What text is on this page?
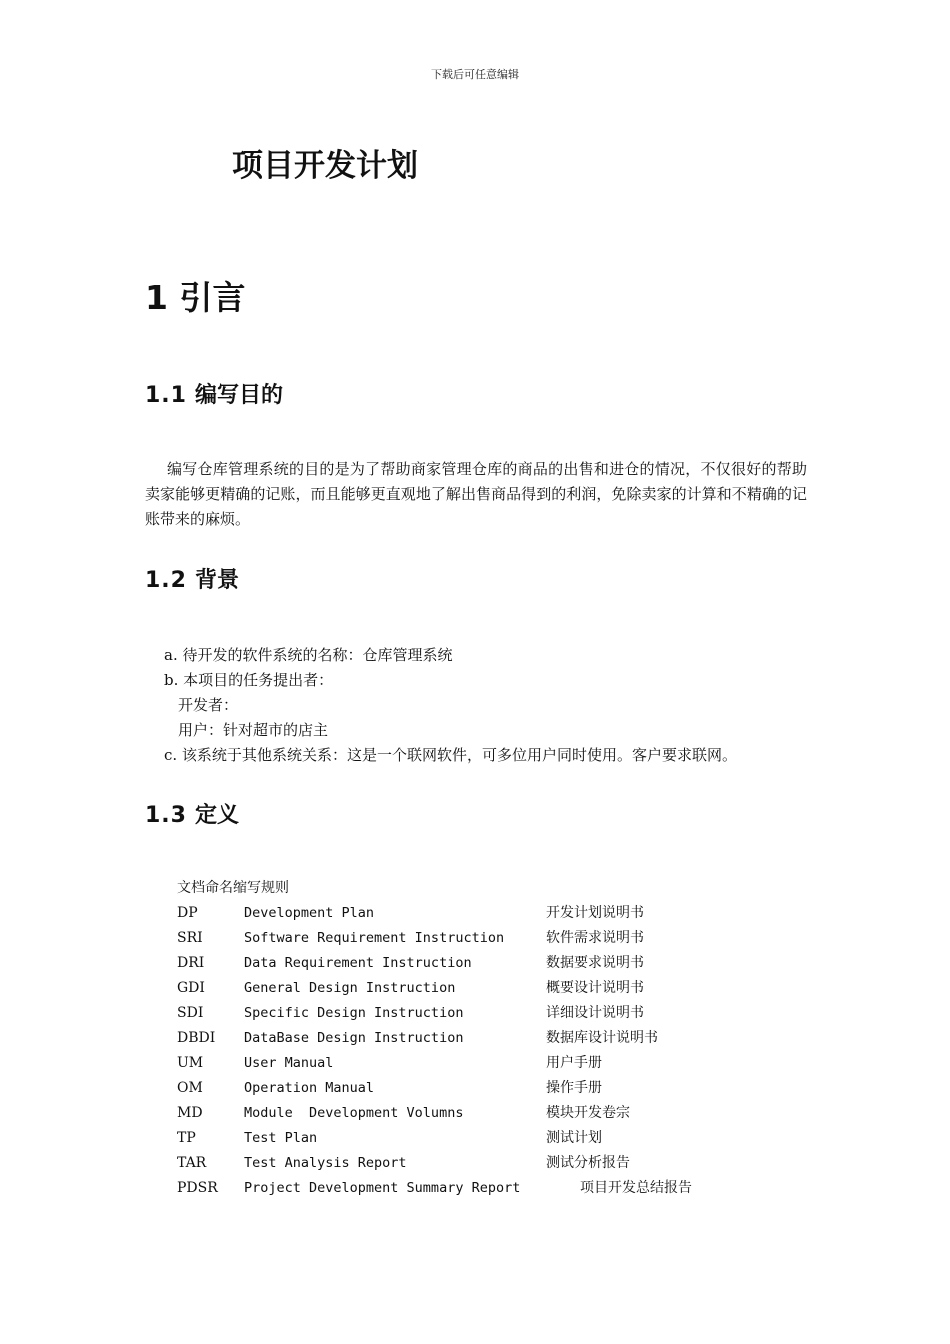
下载后可任意编辑
项目开发计划
1 引言
1.1 编写目的
编写仓库管理系统的目的是为了帮助商家管理仓库的商品的出售和进仓的情况，不仅很好的帮助卖家能够更精确的记账，而且能够更直观地了解出售商品得到的利润，免除卖家的计算和不精确的记账带来的麻烦。
1.2 背景
a. 待开发的软件系统的名称：仓库管理系统
b. 本项目的任务提出者：
开发者：
用户：针对超市的店主
c. 该系统于其他系统关系：这是一个联网软件，可多位用户同时使用。客户要求联网。
1.3 定义
文档命名缩写规则
DP	Development Plan	开发计划说明书
SRI	Software Requirement Instruction	软件需求说明书
DRI	Data Requirement Instruction	数据要求说明书
GDI	General Design Instruction	概要设计说明书
SDI	Specific Design Instruction	详细设计说明书
DBDI DataBase Design Instruction	数据库设计说明书
UM	User Manual	用户手册
OM	Operation Manual	操作手册
MD	Module  Development Volumns	模块开发卷宗
TP	Test Plan	测试计划
TAR	Test Analysis Report	测试分析报告
PDSR Project Development Summary Report	项目开发总结报告
